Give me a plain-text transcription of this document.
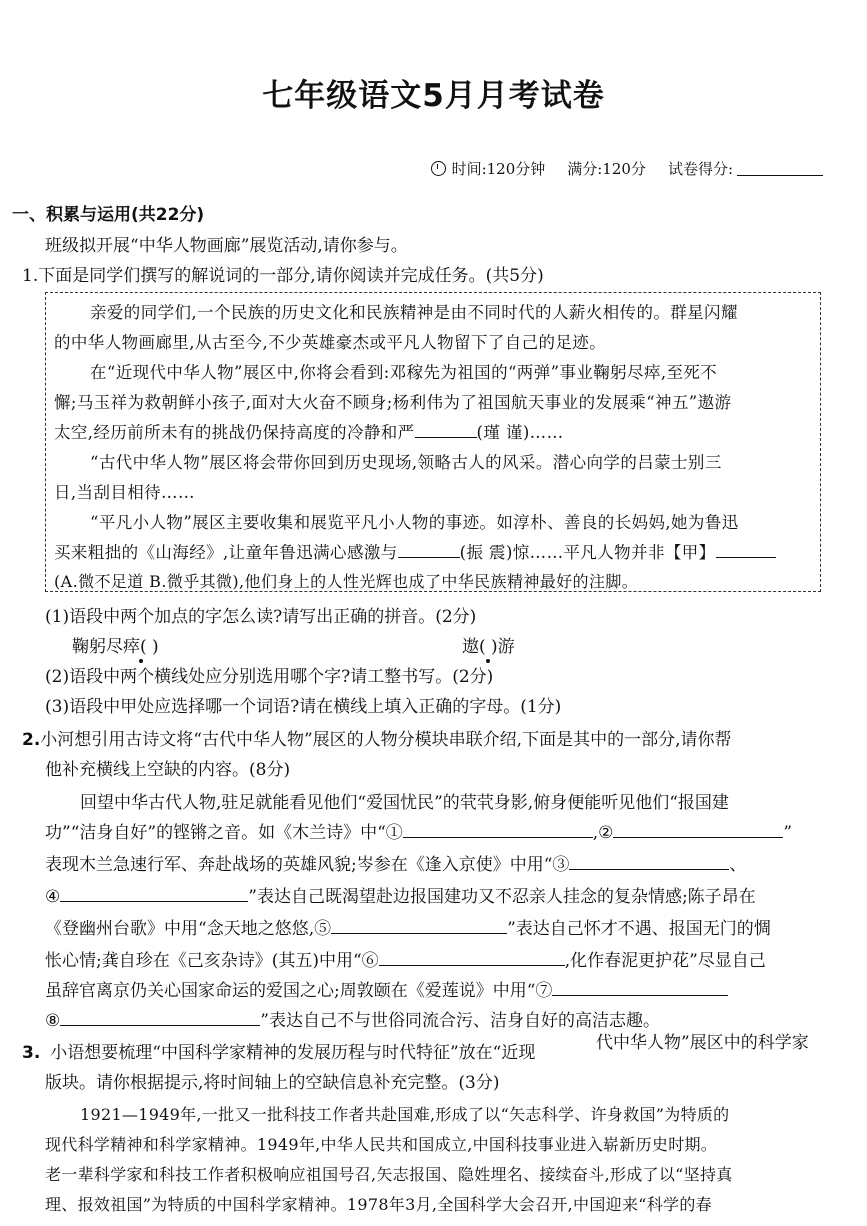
七年级语文5月月考试卷
时间:120分钟 满分:120分 试卷得分:
一、积累与运用(共22分)
班级拟开展“中华人物画廊”展览活动,请你参与。
1.下面是同学们撰写的解说词的一部分,请你阅读并完成任务。(共5分)
亲爱的同学们,一个民族的历史文化和民族精神是由不同时代的人薪火相传的。群星闪耀
的中华人物画廊里,从古至今,不少英雄豪杰或平凡人物留下了自己的足迹。
在“近现代中华人物”展区中,你将会看到:邓稼先为祖国的“两弹”事业鞠躬尽瘁,至死不
懈;马玉祥为救朝鲜小孩子,面对大火奋不顾身;杨利伟为了祖国航天事业的发展乘“神五”遨游
太空,经历前所未有的挑战仍保持高度的冷静和严	(瑾 谨)……
“古代中华人物”展区将会带你回到历史现场,领略古人的风采。潜心向学的吕蒙士别三
日,当刮目相待……
“平凡小人物”展区主要收集和展览平凡小人物的事迹。如淳朴、善良的长妈妈,她为鲁迅
买来粗拙的《山海经》,让童年鲁迅满心感激与	(振 震)惊……平凡人物并非【甲】
(A.微不足道 B.微乎其微),他们身上的人性光辉也成了中华民族精神最好的注脚。
(1)语段中两个加点的字怎么读?请写出正确的拼音。(2分)
鞠躬尽瘁( )	遨( )游
(2)语段中两个横线处应分别选用哪个字?请工整书写。(2分)
(3)语段中甲处应选择哪一个词语?请在横线上填入正确的字母。(1分)
2.小河想引用古诗文将“古代中华人物”展区的人物分模块串联介绍,下面是其中的一部分,请你帮
他补充横线上空缺的内容。(8分)
回望中华古代人物,驻足就能看见他们“爱国忧民”的茕茕身影,俯身便能听见他们“报国建
功”“洁身自好”的铿锵之音。如《木兰诗》中“①	,②	”
表现木兰急速行军、奔赴战场的英雄风貌;岑参在《逢入京使》中用“③	、
④	”表达自己既渴望赴边报国建功又不忍亲人挂念的复杂情感;陈子昂在
《登幽州台歌》中用“念天地之悠悠,⑤	”表达自己怀才不遇、报国无门的惆
怅心情;龚自珍在《己亥杂诗》(其五)中用“⑥	,化作春泥更护花”尽显自己
虽辞官离京仍关心国家命运的爱国之心;周敦颐在《爱莲说》中用“⑦
⑧	”表达自己不与世俗同流合污、洁身自好的高洁志趣。
3. 小语想要梳理“中国科学家精神的发展历程与时代特征”放在“近现	代中华人物”展区中的科学家
版块。请你根据提示,将时间轴上的空缺信息补充完整。(3分)
1921—1949年,一批又一批科技工作者共赴国难,形成了以“矢志科学、许身救国”为特质的
现代科学精神和科学家精神。1949年,中华人民共和国成立,中国科技事业进入崭新历史时期。
老一辈科学家和科技工作者积极响应祖国号召,矢志报国、隐姓埋名、接续奋斗,形成了以“坚持真
理、报效祖国”为特质的中国科学家精神。1978年3月,全国科学大会召开,中国迎来“科学的春
